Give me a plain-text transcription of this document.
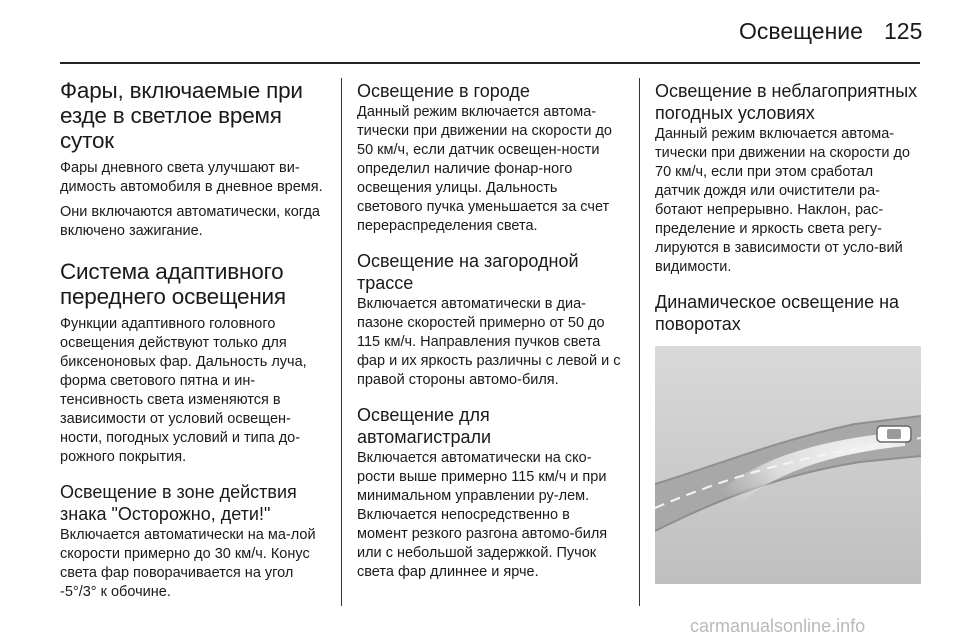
Освещение 125
Фары, включаемые при езде в светлое время суток
Фары дневного света улучшают ви-димость автомобиля в дневное время.
Они включаются автоматически, когда включено зажигание.
Система адаптивного переднего освещения
Функции адаптивного головного освещения действуют только для биксеноновых фар. Дальность луча, форма светового пятна и ин-тенсивность света изменяются в зависимости от условий освещен-ности, погодных условий и типа до-рожного покрытия.
Освещение в зоне действия знака "Осторожно, дети!"
Включается автоматически на ма-лой скорости примерно до 30 км/ч. Конус света фар поворачивается на угол -5°/3° к обочине.
Освещение в городе
Данный режим включается автома-тически при движении на скорости до 50 км/ч, если датчик освещен-ности определил наличие фонар-ного освещения улицы. Дальность светового пучка уменьшается за счет перераспределения света.
Освещение на загородной трассе
Включается автоматически в диа-пазоне скоростей примерно от 50 до 115 км/ч. Направления пучков света фар и их яркость различны с левой и с правой стороны автомо-биля.
Освещение для автомагистрали
Включается автоматически на ско-рости выше примерно 115 км/ч и при минимальном управлении ру-лем. Включается непосредственно в момент резкого разгона автомо-биля или с небольшой задержкой. Пучок света фар длиннее и ярче.
Освещение в неблагоприятных погодных условиях
Данный режим включается автома-тически при движении на скорости до 70 км/ч, если при этом сработал датчик дождя или очистители ра-ботают непрерывно. Наклон, рас-пределение и яркость света регу-лируются в зависимости от усло-вий видимости.
Динамическое освещение на поворотах
carmanualsonline.info
